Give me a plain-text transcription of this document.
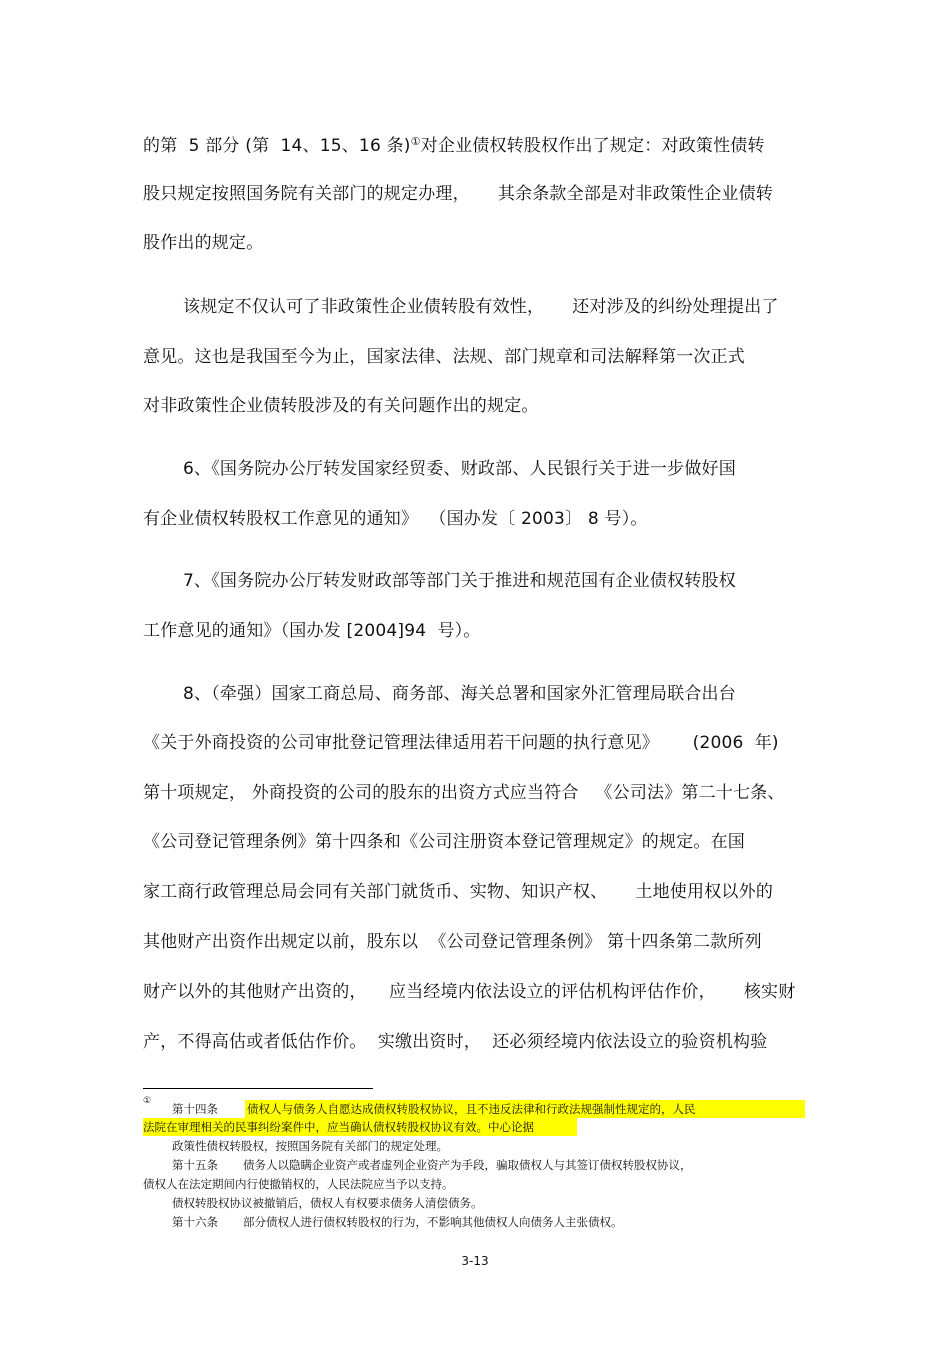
的第  5 部分 (第  14、15、16 条)①对企业债权转股权作出了规定：对政策性债转
股只规定按照国务院有关部门的规定办理，     其余条款全部是对非政策性企业债转
股作出的规定。
该规定不仅认可了非政策性企业债转股有效性，     还对涉及的纠纷处理提出了
意见。这也是我国至今为止，国家法律、法规、部门规章和司法解释第一次正式
对非政策性企业债转股涉及的有关问题作出的规定。
6、《国务院办公厅转发国家经贸委、财政部、人民银行关于进一步做好国
有企业债权转股权工作意见的通知》  （国办发〔 2003〕 8 号）。
7、《国务院办公厅转发财政部等部门关于推进和规范国有企业债权转股权
工作意见的通知》（国办发 [2004]94  号）。
8、（牵强）国家工商总局、商务部、海关总署和国家外汇管理局联合出台
《关于外商投资的公司审批登记管理法律适用若干问题的执行意见》      (2006  年)
第十项规定， 外商投资的公司的股东的出资方式应当符合   《公司法》第二十七条、
《公司登记管理条例》第十四条和《公司注册资本登记管理规定》的规定。在国
家工商行政管理总局会同有关部门就货币、实物、知识产权、     土地使用权以外的
其他财产出资作出规定以前，股东以  《公司登记管理条例》 第十四条第二款所列
财产以外的其他财产出资的，    应当经境内依法设立的评估机构评估作价，     核实财
产，不得高估或者低估作价。  实缴出资时，  还必须经境内依法设立的验资机构验
①
第十四条	债权人与债务人自愿达成债权转股权协议，且不违反法律和行政法规强制性规定的，人民
法院在审理相关的民事纠纷案件中，应当确认债权转股权协议有效。中心论据
政策性债权转股权，按照国务院有关部门的规定处理。
第十五条 债务人以隐瞒企业资产或者虚列企业资产为手段，骗取债权人与其签订债权转股权协议，
债权人在法定期间内行使撤销权的，人民法院应当予以支持。
债权转股权协议被撤销后，债权人有权要求债务人清偿债务。
第十六条 部分债权人进行债权转股权的行为，不影响其他债权人向债务人主张债权。
3-13
